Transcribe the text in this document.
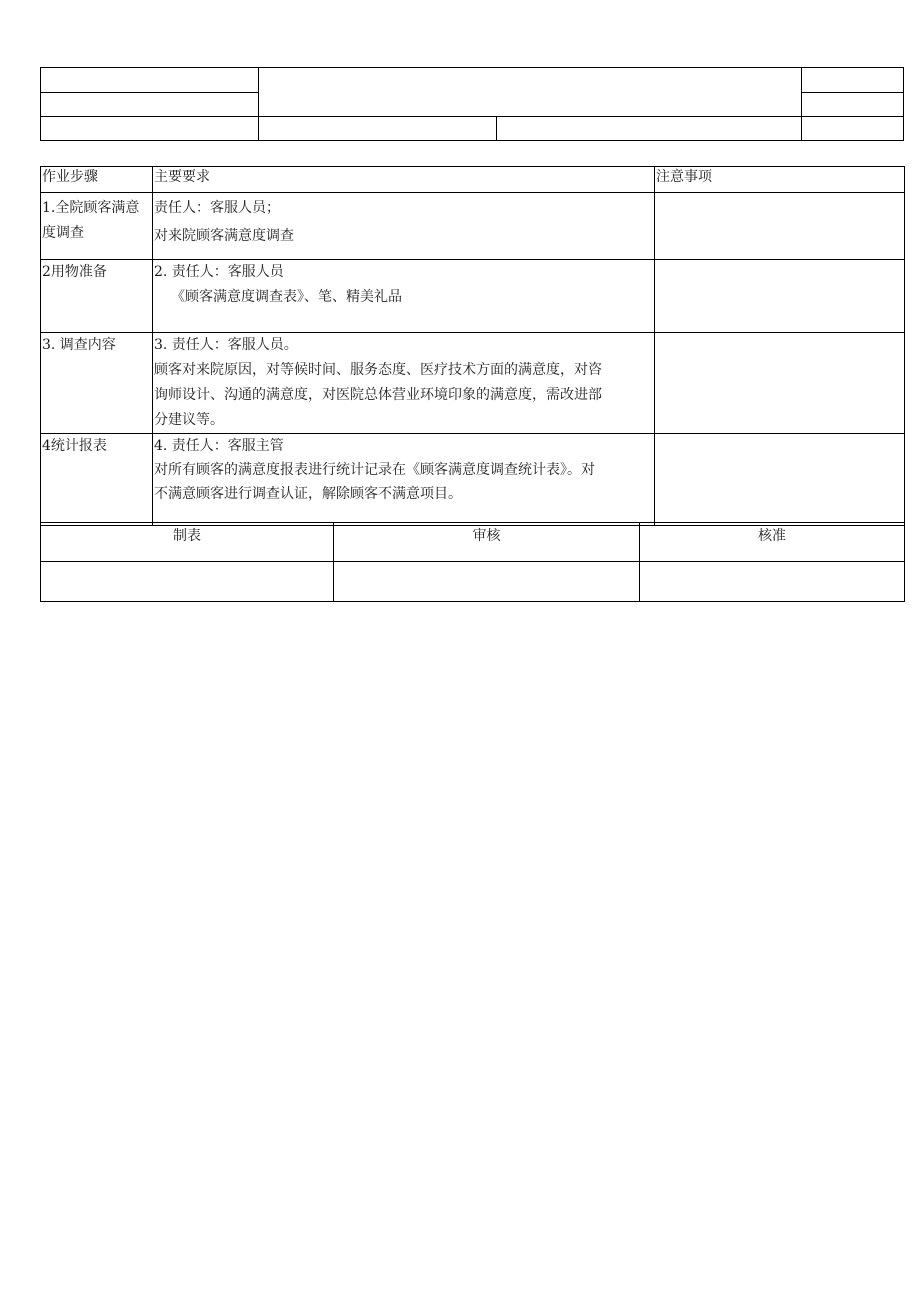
作业步骤	主要要求	注意事项

1.全院顾客满意
度调查	责任人：客服人员；
对来院顾客满意度调查	

2用物准备	2. 责任人：客服人员
《顾客满意度调查表》、笔、精美礼品	

3. 调查内容	3. 责任人：客服人员。
顾客对来院原因，对等候时间、服务态度、医疗技术方面的满意度，对咨
询师设计、沟通的满意度，对医院总体营业环境印象的满意度，需改进部
分建议等。	

4统计报表	4. 责任人：客服主管
对所有顾客的满意度报表进行统计记录在《顾客满意度调查统计表》。对
不满意顾客进行调查认证，解除顾客不满意项目。	

制表	审核	核准
